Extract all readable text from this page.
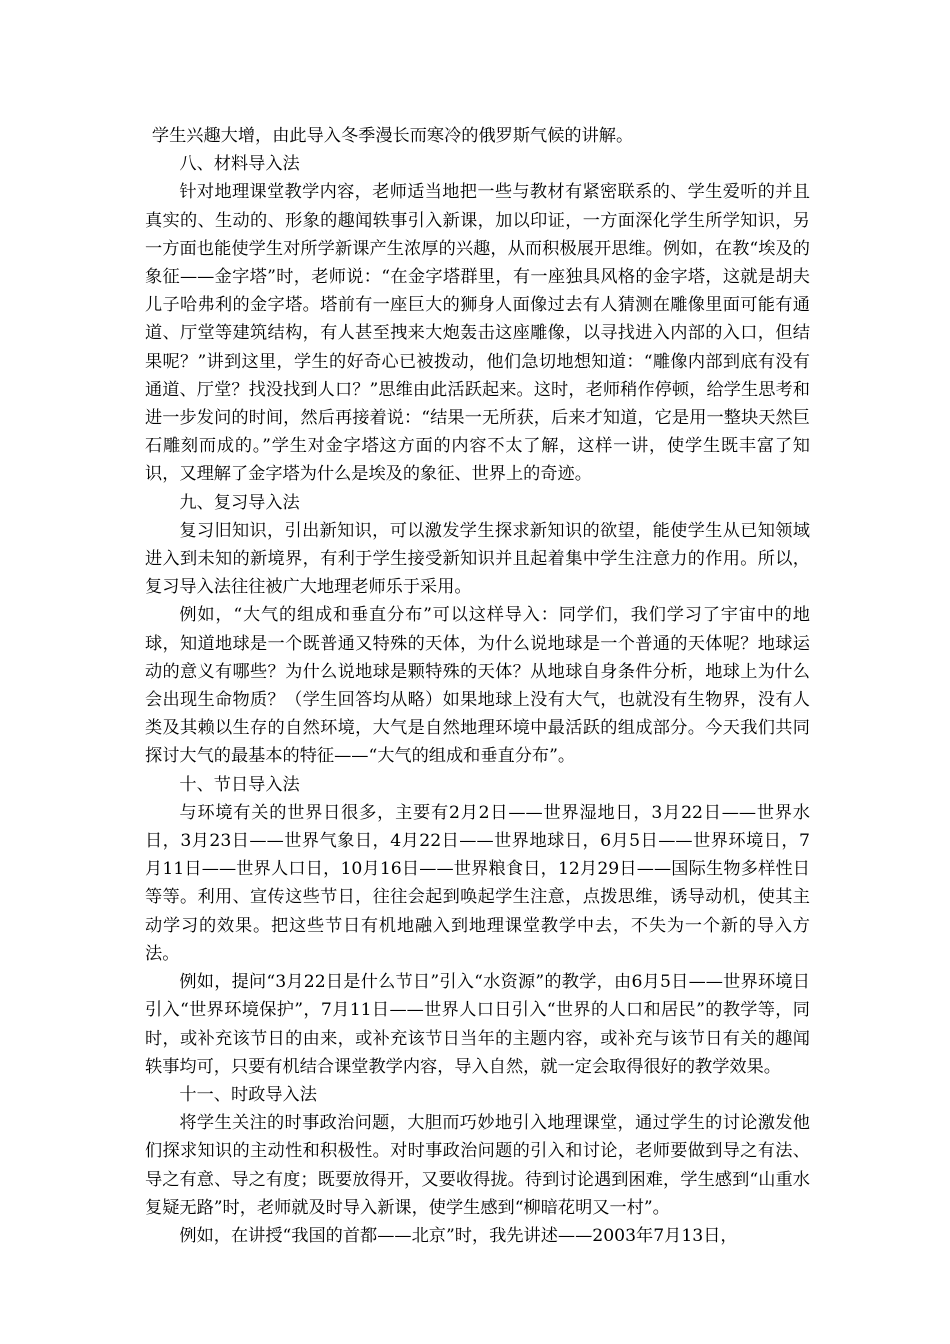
学生兴趣大增，由此导入冬季漫长而寒冷的俄罗斯气候的讲解。

八、材料导入法

针对地理课堂教学内容，老师适当地把一些与教材有紧密联系的、学生爱听的并且真实的、生动的、形象的趣闻轶事引入新课，加以印证，一方面深化学生所学知识，另一方面也能使学生对所学新课产生浓厚的兴趣，从而积极展开思维。例如，在教“埃及的象征——金字塔”时，老师说：“在金字塔群里，有一座独具风格的金字塔，这就是胡夫儿子哈弗利的金字塔。塔前有一座巨大的狮身人面像过去有人猜测在雕像里面可能有通道、厅堂等建筑结构，有人甚至拽来大炮轰击这座雕像，以寻找进入内部的入口，但结果呢？”讲到这里，学生的好奇心已被拨动，他们急切地想知道：“雕像内部到底有没有通道、厅堂？找没找到人口？”思维由此活跃起来。这时，老师稍作停顿，给学生思考和进一步发问的时间，然后再接着说：“结果一无所获，后来才知道，它是用一整块天然巨石雕刻而成的。”学生对金字塔这方面的内容不太了解，这样一讲，使学生既丰富了知识，又理解了金字塔为什么是埃及的象征、世界上的奇迹。

九、复习导入法

复习旧知识，引出新知识，可以激发学生探求新知识的欲望，能使学生从已知领域进入到未知的新境界，有利于学生接受新知识并且起着集中学生注意力的作用。所以，复习导入法往往被广大地理老师乐于采用。

例如，“大气的组成和垂直分布”可以这样导入：同学们，我们学习了宇宙中的地球，知道地球是一个既普通又特殊的天体，为什么说地球是一个普通的天体呢？地球运动的意义有哪些？为什么说地球是颗特殊的天体？从地球自身条件分析，地球上为什么会出现生命物质？（学生回答均从略）如果地球上没有大气，也就没有生物界，没有人类及其赖以生存的自然环境，大气是自然地理环境中最活跃的组成部分。今天我们共同探讨大气的最基本的特征——“大气的组成和垂直分布”。

十、节日导入法

与环境有关的世界日很多，主要有2月2日——世界湿地日，3月22日——世界水日，3月23日——世界气象日，4月22日——世界地球日，6月5日——世界环境日，7月11日——世界人口日，10月16日——世界粮食日，12月29日——国际生物多样性日等等。利用、宣传这些节日，往往会起到唤起学生注意，点拨思维，诱导动机，使其主动学习的效果。把这些节日有机地融入到地理课堂教学中去，不失为一个新的导入方法。

例如，提问“3月22日是什么节日”引入“水资源”的教学，由6月5日——世界环境日引入“世界环境保护”，7月11日——世界人口日引入“世界的人口和居民”的教学等，同时，或补充该节日的由来，或补充该节日当年的主题内容，或补充与该节日有关的趣闻轶事均可，只要有机结合课堂教学内容，导入自然，就一定会取得很好的教学效果。

十一、时政导入法

将学生关注的时事政治问题，大胆而巧妙地引入地理课堂，通过学生的讨论激发他们探求知识的主动性和积极性。对时事政治问题的引入和讨论，老师要做到导之有法、导之有意、导之有度；既要放得开，又要收得拢。待到讨论遇到困难，学生感到“山重水复疑无路”时，老师就及时导入新课，使学生感到“柳暗花明又一村”。

例如，在讲授“我国的首都——北京”时，我先讲述——2003年7月13日，
